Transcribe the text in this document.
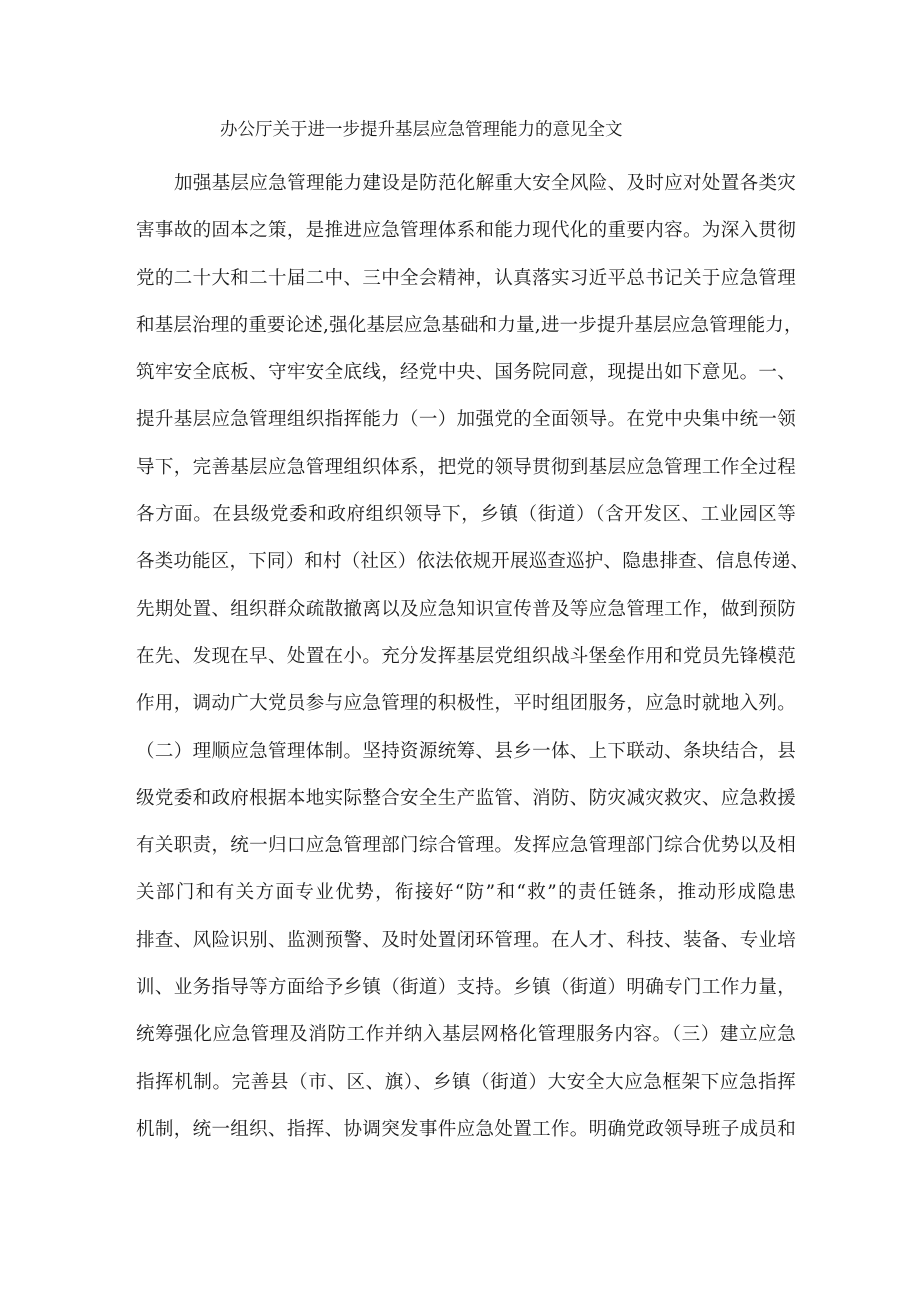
办公厅关于进一步提升基层应急管理能力的意见全文
加强基层应急管理能力建设是防范化解重大安全风险、及时应对处置各类灾
害事故的固本之策，是推进应急管理体系和能力现代化的重要内容。为深入贯彻
党的二十大和二十届二中、三中全会精神，认真落实习近平总书记关于应急管理
和基层治理的重要论述,强化基层应急基础和力量,进一步提升基层应急管理能力，
筑牢安全底板、守牢安全底线，经党中央、国务院同意，现提出如下意见。一、
提升基层应急管理组织指挥能力（一）加强党的全面领导。在党中央集中统一领
导下，完善基层应急管理组织体系，把党的领导贯彻到基层应急管理工作全过程
各方面。在县级党委和政府组织领导下，乡镇（街道）（含开发区、工业园区等
各类功能区，下同）和村（社区）依法依规开展巡查巡护、隐患排查、信息传递、
先期处置、组织群众疏散撤离以及应急知识宣传普及等应急管理工作，做到预防
在先、发现在早、处置在小。充分发挥基层党组织战斗堡垒作用和党员先锋模范
作用，调动广大党员参与应急管理的积极性，平时组团服务，应急时就地入列。
（二）理顺应急管理体制。坚持资源统筹、县乡一体、上下联动、条块结合，县
级党委和政府根据本地实际整合安全生产监管、消防、防灾减灾救灾、应急救援
有关职责，统一归口应急管理部门综合管理。发挥应急管理部门综合优势以及相
关部门和有关方面专业优势，衔接好“防”和“救”的责任链条，推动形成隐患
排查、风险识别、监测预警、及时处置闭环管理。在人才、科技、装备、专业培
训、业务指导等方面给予乡镇（街道）支持。乡镇（街道）明确专门工作力量，
统筹强化应急管理及消防工作并纳入基层网格化管理服务内容。（三）建立应急
指挥机制。完善县（市、区、旗）、乡镇（街道）大安全大应急框架下应急指挥
机制，统一组织、指挥、协调突发事件应急处置工作。明确党政领导班子成员和
